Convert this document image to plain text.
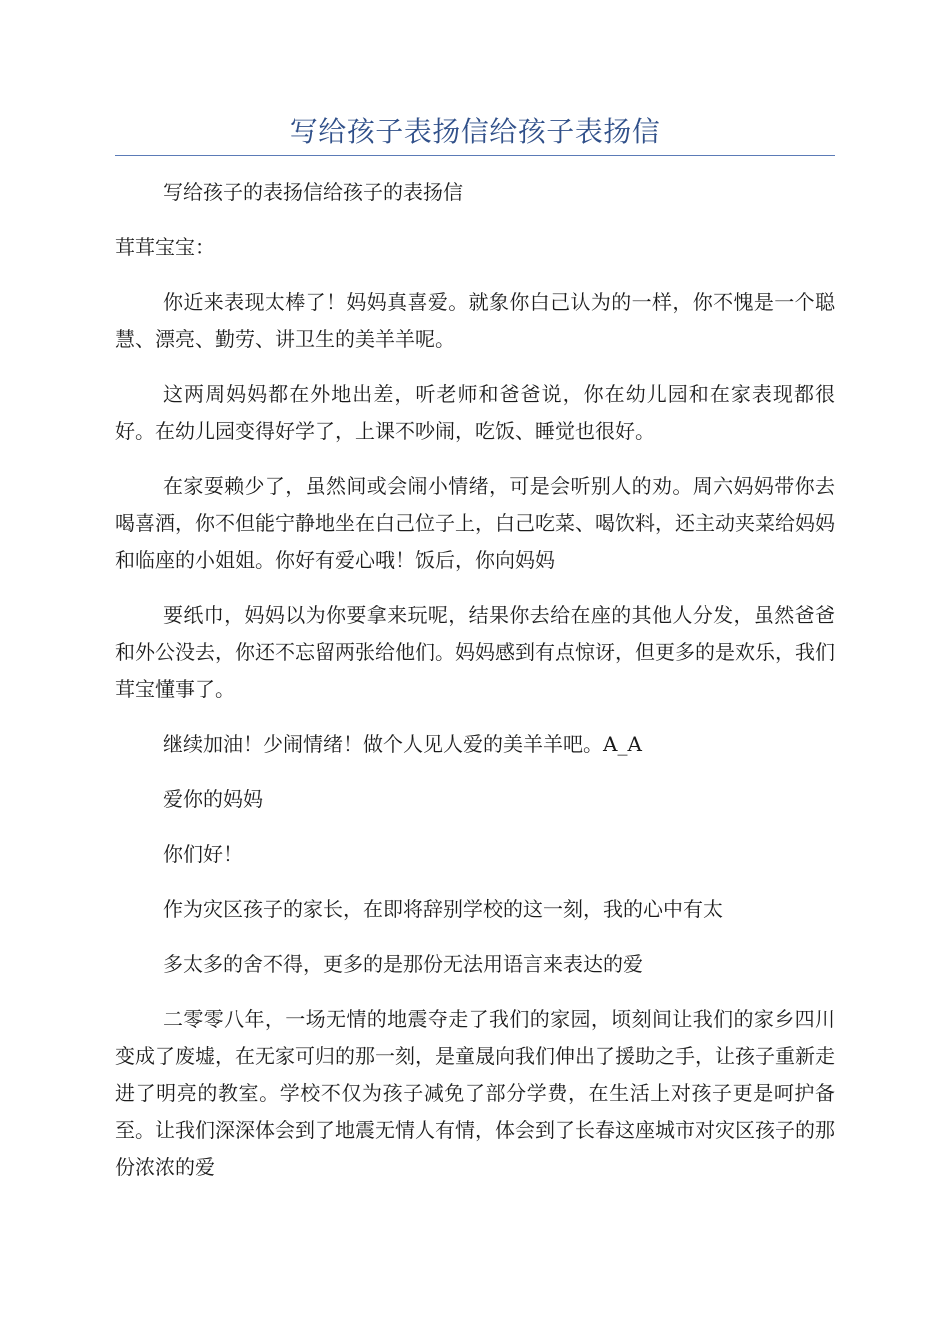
写给孩子表扬信给孩子表扬信

写给孩子的表扬信给孩子的表扬信

茸茸宝宝：

你近来表现太棒了！妈妈真喜爱。就象你白己认为的一样，你不愧是一个聪慧、漂亮、勤劳、讲卫生的美羊羊呢。

这两周妈妈都在外地出差，听老师和爸爸说，你在幼儿园和在家表现都很好。在幼儿园变得好学了，上课不吵闹，吃饭、睡觉也很好。

在家耍赖少了，虽然间或会闹小情绪，可是会听别人的劝。周六妈妈带你去喝喜酒，你不但能宁静地坐在白己位子上，白己吃菜、喝饮料，还主动夹菜给妈妈和临座的小姐姐。你好有爱心哦！饭后，你向妈妈

要纸巾，妈妈以为你要拿来玩呢，结果你去给在座的其他人分发，虽然爸爸和外公没去，你还不忘留两张给他们。妈妈感到有点惊讶，但更多的是欢乐，我们茸宝懂事了。

继续加油！少闹情绪！做个人见人爱的美羊羊吧。A_A

爱你的妈妈

你们好！

作为灾区孩子的家长，在即将辞别学校的这一刻，我的心中有太

多太多的舍不得，更多的是那份无法用语言来表达的爱

二零零八年，一场无情的地震夺走了我们的家园，顷刻间让我们的家乡四川变成了废墟，在无家可归的那一刻，是童晟向我们伸出了援助之手，让孩子重新走进了明亮的教室。学校不仅为孩子减免了部分学费，在生活上对孩子更是呵护备至。让我们深深体会到了地震无情人有情，体会到了长春这座城市对灾区孩子的那份浓浓的爱
